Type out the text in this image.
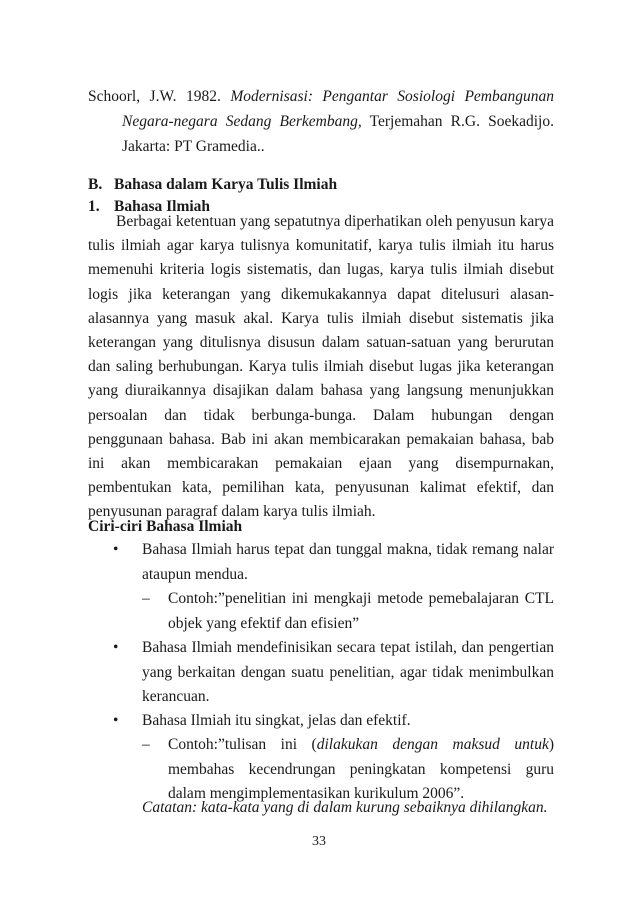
Schoorl, J.W. 1982. Modernisasi: Pengantar Sosiologi Pembangunan Negara-negara Sedang Berkembang, Terjemahan R.G. Soekadijo. Jakarta: PT Gramedia..
B. Bahasa dalam Karya Tulis Ilmiah
1. Bahasa Ilmiah

Berbagai ketentuan yang sepatutnya diperhatikan oleh penyusun karya tulis ilmiah agar karya tulisnya komunitatif, karya tulis ilmiah itu harus memenuhi kriteria logis sistematis, dan lugas, karya tulis ilmiah disebut logis jika keterangan yang dikemukakannya dapat ditelusuri alasan-alasannya yang masuk akal. Karya tulis ilmiah disebut sistematis jika keterangan yang ditulisnya disusun dalam satuan-satuan yang berurutan dan saling berhubungan. Karya tulis ilmiah disebut lugas jika keterangan yang diuraikannya disajikan dalam bahasa yang langsung menunjukkan persoalan dan tidak berbunga-bunga. Dalam hubungan dengan penggunaan bahasa. Bab ini akan membicarakan pemakaian bahasa, bab ini akan membicarakan pemakaian ejaan yang disempurnakan, pembentukan kata, pemilihan kata, penyusunan kalimat efektif, dan penyusunan paragraf dalam karya tulis ilmiah.

Ciri-ciri Bahasa Ilmiah
• Bahasa Ilmiah harus tepat dan tunggal makna, tidak remang nalar ataupun mendua.
– Contoh:”penelitian ini mengkaji metode pemebalajaran CTL objek yang efektif dan efisien”
• Bahasa Ilmiah mendefinisikan secara tepat istilah, dan pengertian yang berkaitan dengan suatu penelitian, agar tidak menimbulkan kerancuan.
• Bahasa Ilmiah itu singkat, jelas dan efektif.
– Contoh:”tulisan ini (dilakukan dengan maksud untuk) membahas kecendrungan peningkatan kompetensi guru dalam mengimplementasikan kurikulum 2006”.
Catatan: kata-kata yang di dalam kurung sebaiknya dihilangkan.
33
